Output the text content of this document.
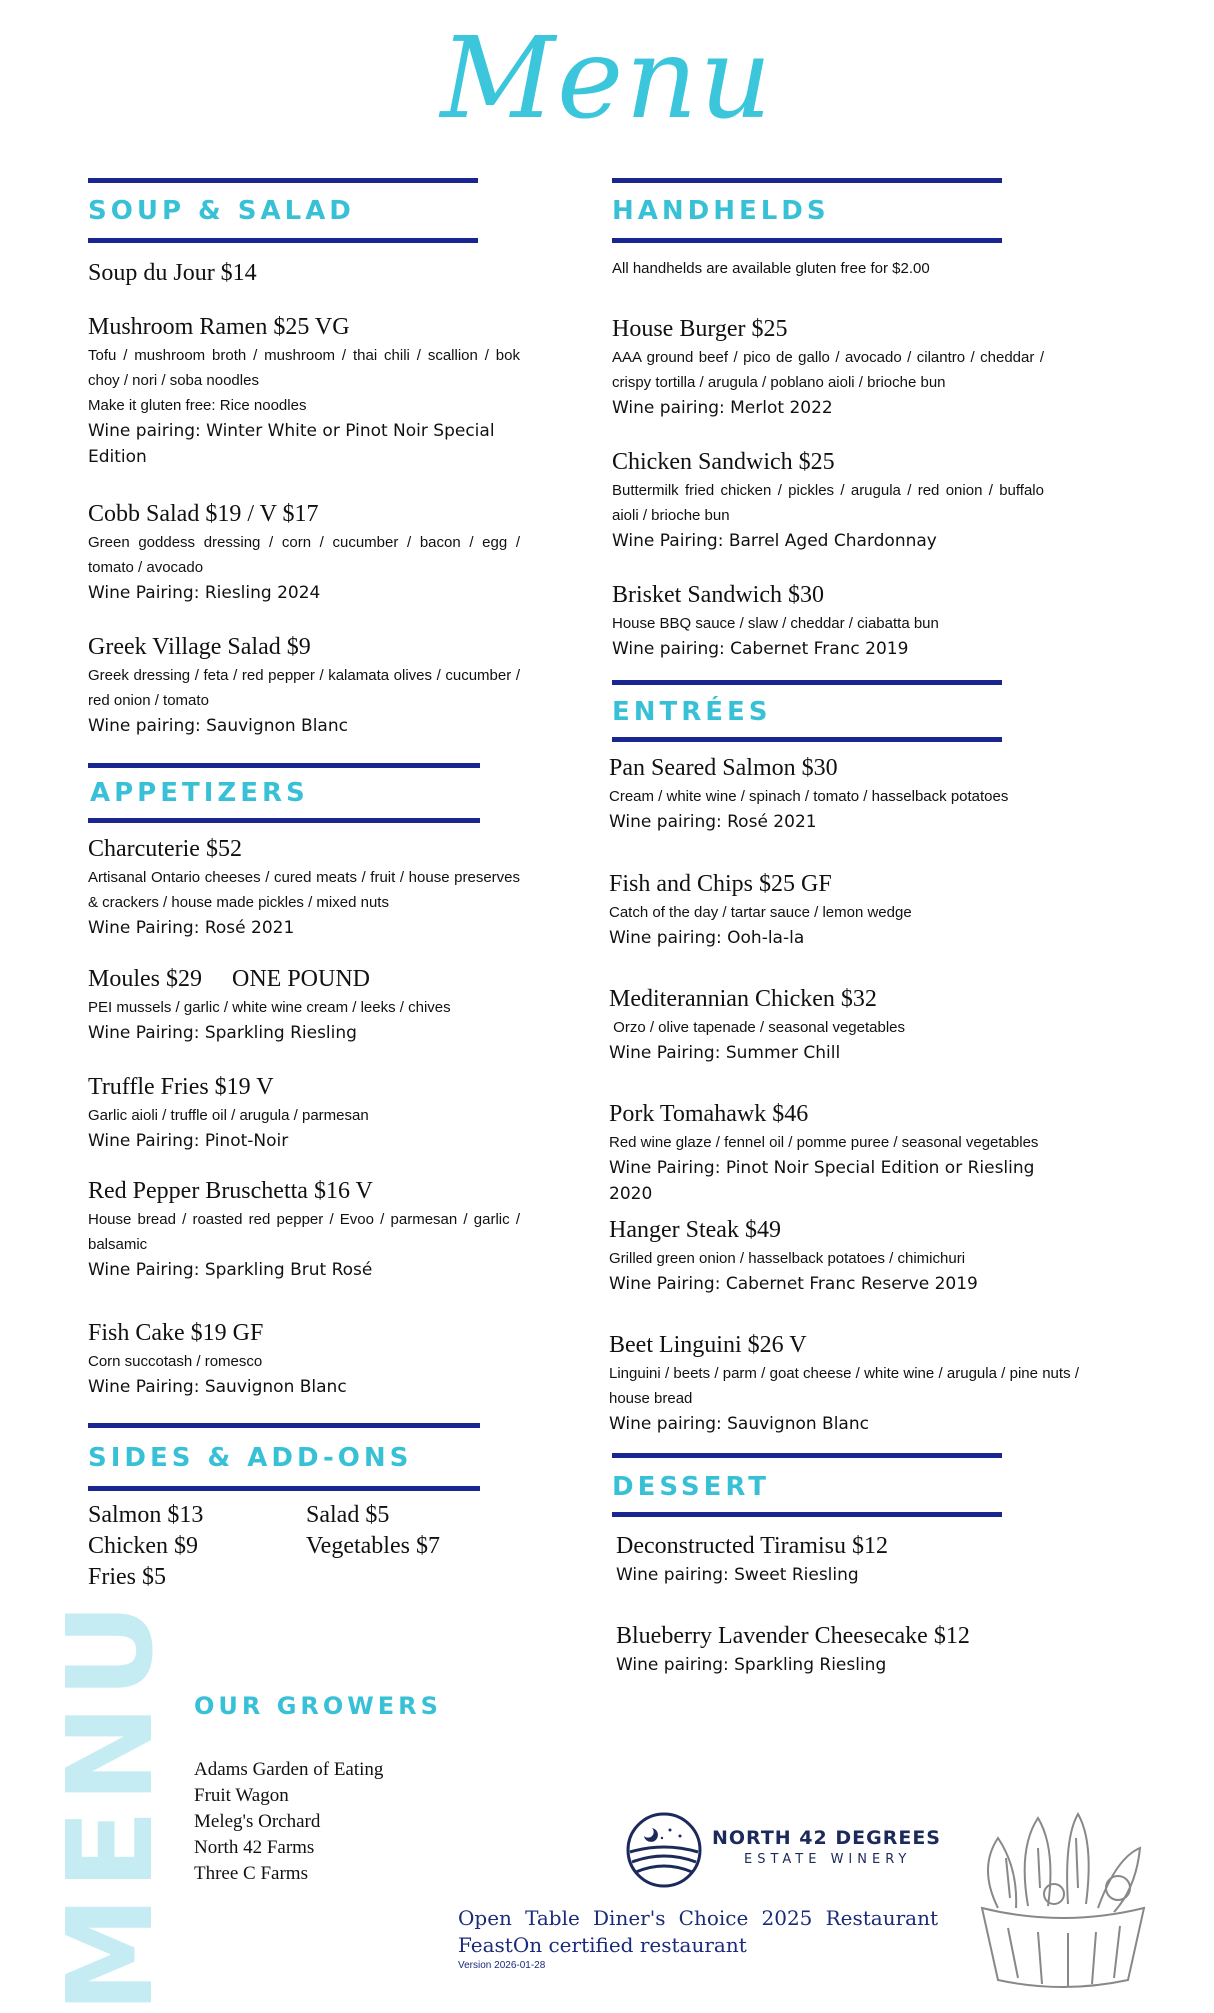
Menu
SOUP & SALAD
Soup du Jour $14
Mushroom Ramen $25 VG
Tofu / mushroom broth / mushroom / thai chili / scallion / bok choy / nori / soba noodles
Make it gluten free: Rice noodles
Wine pairing: Winter White or Pinot Noir Special Edition
Cobb Salad $19 / V $17
Green goddess dressing / corn / cucumber / bacon / egg / tomato / avocado
Wine Pairing: Riesling 2024
Greek Village Salad $9
Greek dressing / feta / red pepper / kalamata olives / cucumber / red onion / tomato
Wine pairing: Sauvignon Blanc
APPETIZERS
Charcuterie $52
Artisanal Ontario cheeses / cured meats / fruit / house preserves & crackers / house made pickles / mixed nuts
Wine Pairing: Rosé 2021
Moules $29     ONE POUND
PEI mussels / garlic / white wine cream / leeks / chives
Wine Pairing: Sparkling Riesling
Truffle Fries $19 V
Garlic aioli / truffle oil / arugula / parmesan
Wine Pairing: Pinot-Noir
Red Pepper Bruschetta $16 V
House bread / roasted red pepper / Evoo / parmesan / garlic / balsamic
Wine Pairing: Sparkling Brut Rosé
Fish Cake $19 GF
Corn succotash / romesco
Wine Pairing: Sauvignon Blanc
SIDES & ADD-ONS
Salmon $13
Chicken $9
Fries $5
Salad $5
Vegetables $7
MENU OUR GROWERS
Adams Garden of Eating
Fruit Wagon
Meleg's Orchard
North 42 Farms
Three C Farms
HANDHELDS
All handhelds are available gluten free for $2.00
House Burger $25
AAA ground beef / pico de gallo / avocado / cilantro / cheddar / crispy tortilla / arugula / poblano aioli / brioche bun
Wine pairing: Merlot 2022
Chicken Sandwich $25
Buttermilk fried chicken / pickles / arugula / red onion / buffalo aioli / brioche bun
Wine Pairing: Barrel Aged Chardonnay
Brisket Sandwich $30
House BBQ sauce / slaw / cheddar / ciabatta bun
Wine pairing: Cabernet Franc 2019
ENTRÉES
Pan Seared Salmon $30
Cream / white wine / spinach / tomato / hasselback potatoes
Wine pairing: Rosé 2021
Fish and Chips $25 GF
Catch of the day / tartar sauce / lemon wedge
Wine pairing: Ooh-la-la
Mediterannian Chicken $32
Orzo / olive tapenade / seasonal vegetables
Wine Pairing: Summer Chill
Pork Tomahawk $46
Red wine glaze / fennel oil / pomme puree / seasonal vegetables
Wine Pairing: Pinot Noir Special Edition or Riesling 2020
Hanger Steak $49
Grilled green onion / hasselback potatoes / chimichuri
Wine Pairing: Cabernet Franc Reserve 2019
Beet Linguini $26 V
Linguini / beets / parm / goat cheese / white wine / arugula / pine nuts / house bread
Wine pairing: Sauvignon Blanc
DESSERT
Deconstructed Tiramisu $12
Wine pairing: Sweet Riesling
Blueberry Lavender Cheesecake $12
Wine pairing: Sparkling Riesling
NORTH 42 DEGREES
ESTATE WINERY
Open Table Diner's Choice 2025 Restaurant
FeastOn certified restaurant
Version 2026-01-28
